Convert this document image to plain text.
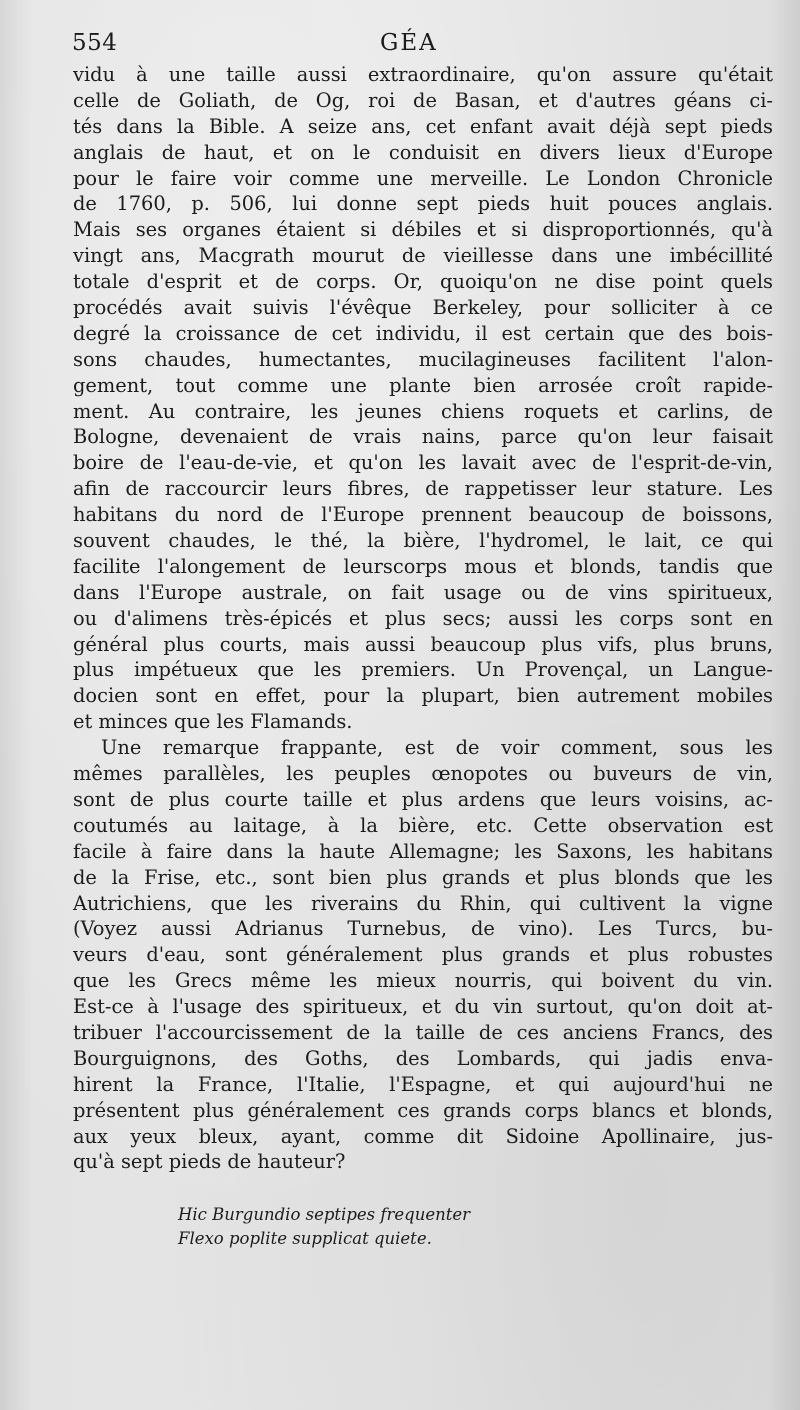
554	GÉA
vidu à une taille aussi extraordinaire, qu'on assure qu'était
celle de Goliath, de Og, roi de Basan, et d'autres géans ci-
tés dans la Bible. A seize ans, cet enfant avait déjà sept pieds
anglais de haut, et on le conduisit en divers lieux d'Europe
pour le faire voir comme une merveille. Le London Chronicle
de 1760, p. 506, lui donne sept pieds huit pouces anglais.
Mais ses organes étaient si débiles et si disproportionnés, qu'à
vingt ans, Macgrath mourut de vieillesse dans une imbécillité
totale d'esprit et de corps. Or, quoiqu'on ne dise point quels
procédés avait suivis l'évêque Berkeley, pour solliciter à ce
degré la croissance de cet individu, il est certain que des bois-
sons chaudes, humectantes, mucilagineuses facilitent l'alon-
gement, tout comme une plante bien arrosée croît rapide-
ment. Au contraire, les jeunes chiens roquets et carlins, de
Bologne, devenaient de vrais nains, parce qu'on leur faisait
boire de l'eau-de-vie, et qu'on les lavait avec de l'esprit-de-vin,
afin de raccourcir leurs fibres, de rappetisser leur stature. Les
habitans du nord de l'Europe prennent beaucoup de boissons,
souvent chaudes, le thé, la bière, l'hydromel, le lait, ce qui
facilite l'alongement de leurscorps mous et blonds, tandis que
dans l'Europe australe, on fait usage ou de vins spiritueux,
ou d'alimens très-épicés et plus secs; aussi les corps sont en
général plus courts, mais aussi beaucoup plus vifs, plus bruns,
plus impétueux que les premiers. Un Provençal, un Langue-
docien sont en effet, pour la plupart, bien autrement mobiles
et minces que les Flamands.
Une remarque frappante, est de voir comment, sous les
mêmes parallèles, les peuples œnopotes ou buveurs de vin,
sont de plus courte taille et plus ardens que leurs voisins, ac-
coutumés au laitage, à la bière, etc. Cette observation est
facile à faire dans la haute Allemagne; les Saxons, les habitans
de la Frise, etc., sont bien plus grands et plus blonds que les
Autrichiens, que les riverains du Rhin, qui cultivent la vigne
(Voyez aussi Adrianus Turnebus, de vino). Les Turcs, bu-
veurs d'eau, sont généralement plus grands et plus robustes
que les Grecs même les mieux nourris, qui boivent du vin.
Est-ce à l'usage des spiritueux, et du vin surtout, qu'on doit at-
tribuer l'accourcissement de la taille de ces anciens Francs, des
Bourguignons, des Goths, des Lombards, qui jadis enva-
hirent la France, l'Italie, l'Espagne, et qui aujourd'hui ne
présentent plus généralement ces grands corps blancs et blonds,
aux yeux bleux, ayant, comme dit Sidoine Apollinaire, jus-
qu'à sept pieds de hauteur?
Hic Burgundio septipes frequenter
Flexo poplite supplicat quiete.
